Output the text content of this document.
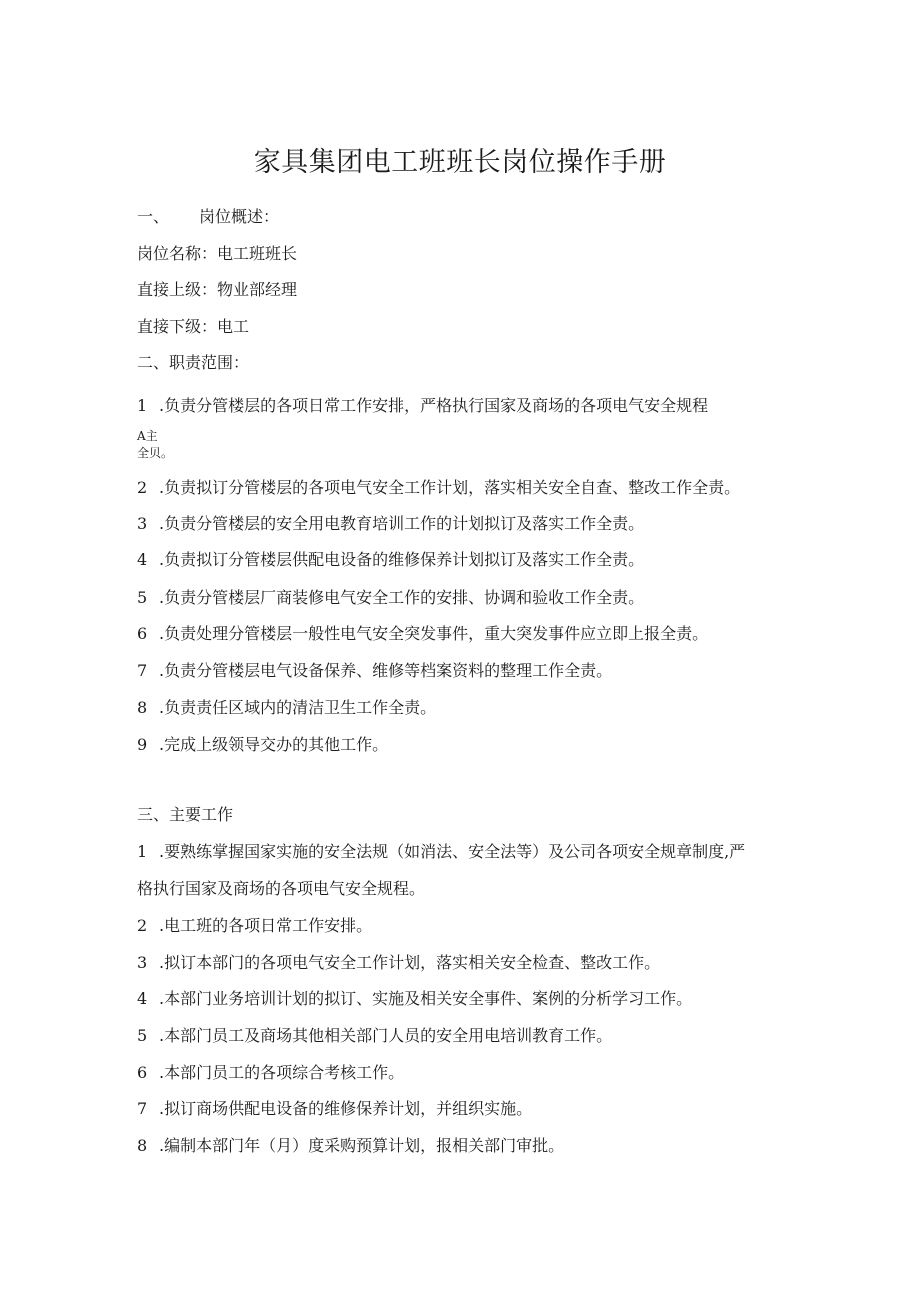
家具集团电工班班长岗位操作手册
一、 岗位概述：
岗位名称：电工班班长
直接上级：物业部经理
直接下级：电工
二、职责范围：
1 .负责分管楼层的各项日常工作安排，严格执行国家及商场的各项电气安全规程
A主
全贝。
2 .负责拟订分管楼层的各项电气安全工作计划，落实相关安全自查、整改工作全责。
3 .负责分管楼层的安全用电教育培训工作的计划拟订及落实工作全责。
4 .负责拟订分管楼层供配电设备的维修保养计划拟订及落实工作全责。
5 .负责分管楼层厂商装修电气安全工作的安排、协调和验收工作全责。
6 .负责处理分管楼层一般性电气安全突发事件，重大突发事件应立即上报全责。
7 .负责分管楼层电气设备保养、维修等档案资料的整理工作全责。
8 .负责责任区域内的清洁卫生工作全责。
9 .完成上级领导交办的其他工作。
三、主要工作
1 .要熟练掌握国家实施的安全法规（如消法、安全法等）及公司各项安全规章制度,严
格执行国家及商场的各项电气安全规程。
2 .电工班的各项日常工作安排。
3 .拟订本部门的各项电气安全工作计划，落实相关安全检查、整改工作。
4 .本部门业务培训计划的拟订、实施及相关安全事件、案例的分析学习工作。
5 .本部门员工及商场其他相关部门人员的安全用电培训教育工作。
6 .本部门员工的各项综合考核工作。
7 .拟订商场供配电设备的维修保养计划，并组织实施。
8 .编制本部门年（月）度采购预算计划，报相关部门审批。
